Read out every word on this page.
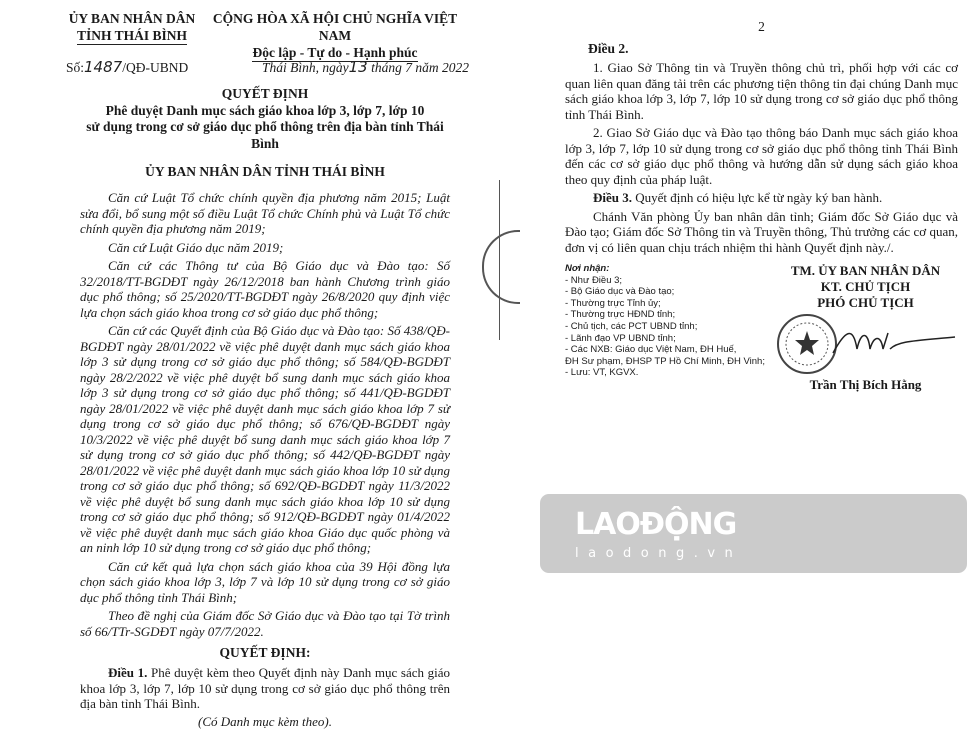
ỦY BAN NHÂN DÂN
TỈNH THÁI BÌNH
Số:1487/QĐ-UBND
CỘNG HÒA XÃ HỘI CHỦ NGHĨA VIỆT NAM
Độc lập - Tự do - Hạnh phúc
Thái Bình, ngày13 tháng 7 năm 2022
QUYẾT ĐỊNH
Phê duyệt Danh mục sách giáo khoa lớp 3, lớp 7, lớp 10
sử dụng trong cơ sở giáo dục phổ thông trên địa bàn tỉnh Thái Bình
ỦY BAN NHÂN DÂN TỈNH THÁI BÌNH

Căn cứ Luật Tổ chức chính quyền địa phương năm 2015; Luật sửa đổi, bổ sung một số điều Luật Tổ chức Chính phủ và Luật Tổ chức chính quyền địa phương năm 2019;

Căn cứ Luật Giáo dục năm 2019;

Căn cứ các Thông tư của Bộ Giáo dục và Đào tạo: Số 32/2018/TT-BGDĐT ngày 26/12/2018 ban hành Chương trình giáo dục phổ thông; số 25/2020/TT-BGDĐT ngày 26/8/2020 quy định việc lựa chọn sách giáo khoa trong cơ sở giáo dục phổ thông;

Căn cứ các Quyết định của Bộ Giáo dục và Đào tạo: Số 438/QĐ-BGDĐT ngày 28/01/2022 về việc phê duyệt danh mục sách giáo khoa lớp 3 sử dụng trong cơ sở giáo dục phổ thông; số 584/QĐ-BGDĐT ngày 28/2/2022 về việc phê duyệt bổ sung danh mục sách giáo khoa lớp 3 sử dụng trong cơ sở giáo dục phổ thông; số 441/QĐ-BGDĐT ngày 28/01/2022 về việc phê duyệt danh mục sách giáo khoa lớp 7 sử dụng trong cơ sở giáo dục phổ thông; số 676/QĐ-BGDĐT ngày 10/3/2022 về việc phê duyệt bổ sung danh mục sách giáo khoa lớp 7 sử dụng trong cơ sở giáo dục phổ thông; số 442/QĐ-BGDĐT ngày 28/01/2022 về việc phê duyệt danh mục sách giáo khoa lớp 10 sử dụng trong cơ sở giáo dục phổ thông; số 692/QĐ-BGDĐT ngày 11/3/2022 về việc phê duyệt bổ sung danh mục sách giáo khoa lớp 10 sử dụng trong cơ sở giáo dục phổ thông; số 912/QĐ-BGDĐT ngày 01/4/2022 về việc phê duyệt danh mục sách giáo khoa Giáo dục quốc phòng và an ninh lớp 10 sử dụng trong cơ sở giáo dục phổ thông;

Căn cứ kết quả lựa chọn sách giáo khoa của 39 Hội đồng lựa chọn sách giáo khoa lớp 3, lớp 7 và lớp 10 sử dụng trong cơ sở giáo dục phổ thông tỉnh Thái Bình;

Theo đề nghị của Giám đốc Sở Giáo dục và Đào tạo tại Tờ trình số 66/TTr-SGDĐT ngày 07/7/2022.

QUYẾT ĐỊNH:

Điều 1. Phê duyệt kèm theo Quyết định này Danh mục sách giáo khoa lớp 3, lớp 7, lớp 10 sử dụng trong cơ sở giáo dục phổ thông trên địa bàn tỉnh Thái Bình.

(Có Danh mục kèm theo).
2
Điều 2.

1. Giao Sở Thông tin và Truyền thông chủ trì, phối hợp với các cơ quan liên quan đăng tải trên các phương tiện thông tin đại chúng Danh mục sách giáo khoa lớp 3, lớp 7, lớp 10 sử dụng trong cơ sở giáo dục phổ thông tỉnh Thái Bình.

2. Giao Sở Giáo dục và Đào tạo thông báo Danh mục sách giáo khoa lớp 3, lớp 7, lớp 10 sử dụng trong cơ sở giáo dục phổ thông tỉnh Thái Bình đến các cơ sở giáo dục phổ thông và hướng dẫn sử dụng sách giáo khoa theo quy định của pháp luật.

Điều 3. Quyết định có hiệu lực kể từ ngày ký ban hành.

Chánh Văn phòng Ủy ban nhân dân tỉnh; Giám đốc Sở Giáo dục và Đào tạo; Giám đốc Sở Thông tin và Truyền thông, Thủ trưởng các cơ quan, đơn vị có liên quan chịu trách nhiệm thi hành Quyết định này./.

Nơi nhận:
- Như Điều 3;
- Bộ Giáo dục và Đào tạo;
- Thường trực Tỉnh ủy;
- Thường trực HĐND tỉnh;
- Chủ tịch, các PCT UBND tỉnh;
- Lãnh đạo VP UBND tỉnh;
- Các NXB: Giáo dục Việt Nam, ĐH Huế,
ĐH Sư phạm, ĐHSP TP Hồ Chí Minh, ĐH Vinh;
- Lưu: VT, KGVX.
TM. ỦY BAN NHÂN DÂN
KT. CHỦ TỊCH
PHÓ CHỦ TỊCH
Trần Thị Bích Hằng
LAOĐỘNG
laodong.vn
